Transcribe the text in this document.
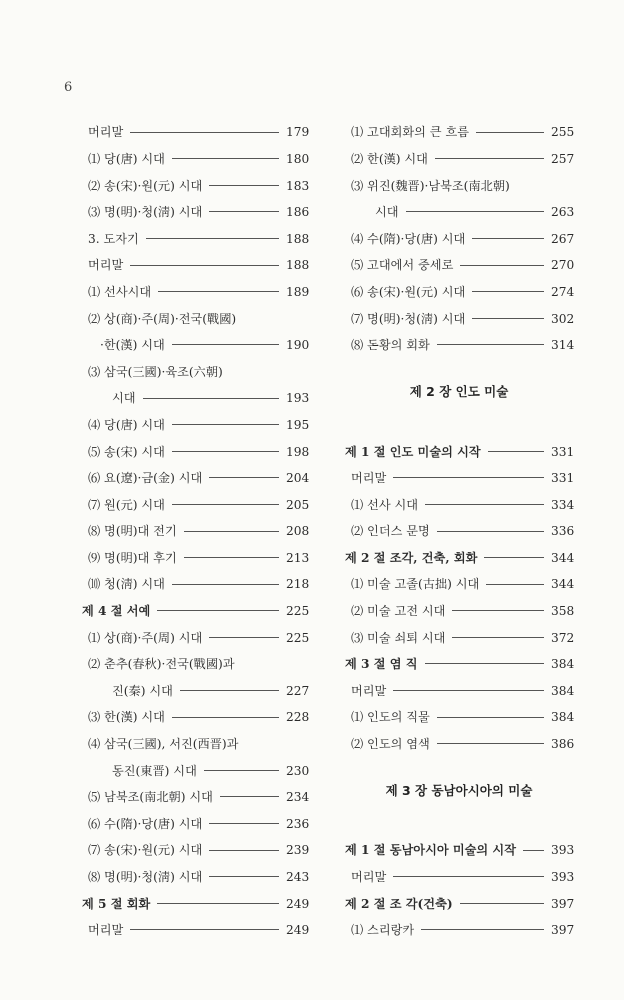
6
머리말	179
⑴ 당(唐) 시대	180
⑵ 송(宋)·원(元) 시대	183
⑶ 명(明)·청(淸) 시대	186
3. 도자기	188
머리말	188
⑴ 선사시대	189
⑵ 상(商)·주(周)·전국(戰國)
·한(漢) 시대	190
⑶ 삼국(三國)·육조(六朝)
시대	193
⑷ 당(唐) 시대	195
⑸ 송(宋) 시대	198
⑹ 요(遼)·금(金) 시대	204
⑺ 원(元) 시대	205
⑻ 명(明)대 전기	208
⑼ 명(明)대 후기	213
⑽ 청(淸) 시대	218
제 4 절 서예	225
⑴ 상(商)·주(周) 시대	225
⑵ 춘추(春秋)·전국(戰國)과
진(秦) 시대	227
⑶ 한(漢) 시대	228
⑷ 삼국(三國), 서진(西晋)과
동진(東晋) 시대	230
⑸ 남북조(南北朝) 시대	234
⑹ 수(隋)·당(唐) 시대	236
⑺ 송(宋)·원(元) 시대	239
⑻ 명(明)·청(淸) 시대	243
제 5 절 회화	249
머리말	249
⑴ 고대회화의 큰 흐름	255
⑵ 한(漢) 시대	257
⑶ 위진(魏晋)·남북조(南北朝)
시대	263
⑷ 수(隋)·당(唐) 시대	267
⑸ 고대에서 중세로	270
⑹ 송(宋)·원(元) 시대	274
⑺ 명(明)·청(淸) 시대	302
⑻ 돈황의 회화	314
제 2 장 인도 미술
제 1 절 인도 미술의 시작	331
머리말	331
⑴ 선사 시대	334
⑵ 인더스 문명	336
제 2 절 조각, 건축, 회화	344
⑴ 미술 고졸(古拙) 시대	344
⑵ 미술 고전 시대	358
⑶ 미술 쇠퇴 시대	372
제 3 절 염 직	384
머리말	384
⑴ 인도의 직물	384
⑵ 인도의 염색	386
제 3 장 동남아시아의 미술
제 1 절 동남아시아 미술의 시작	393
머리말	393
제 2 절 조 각(건축)	397
⑴ 스리랑카	397
